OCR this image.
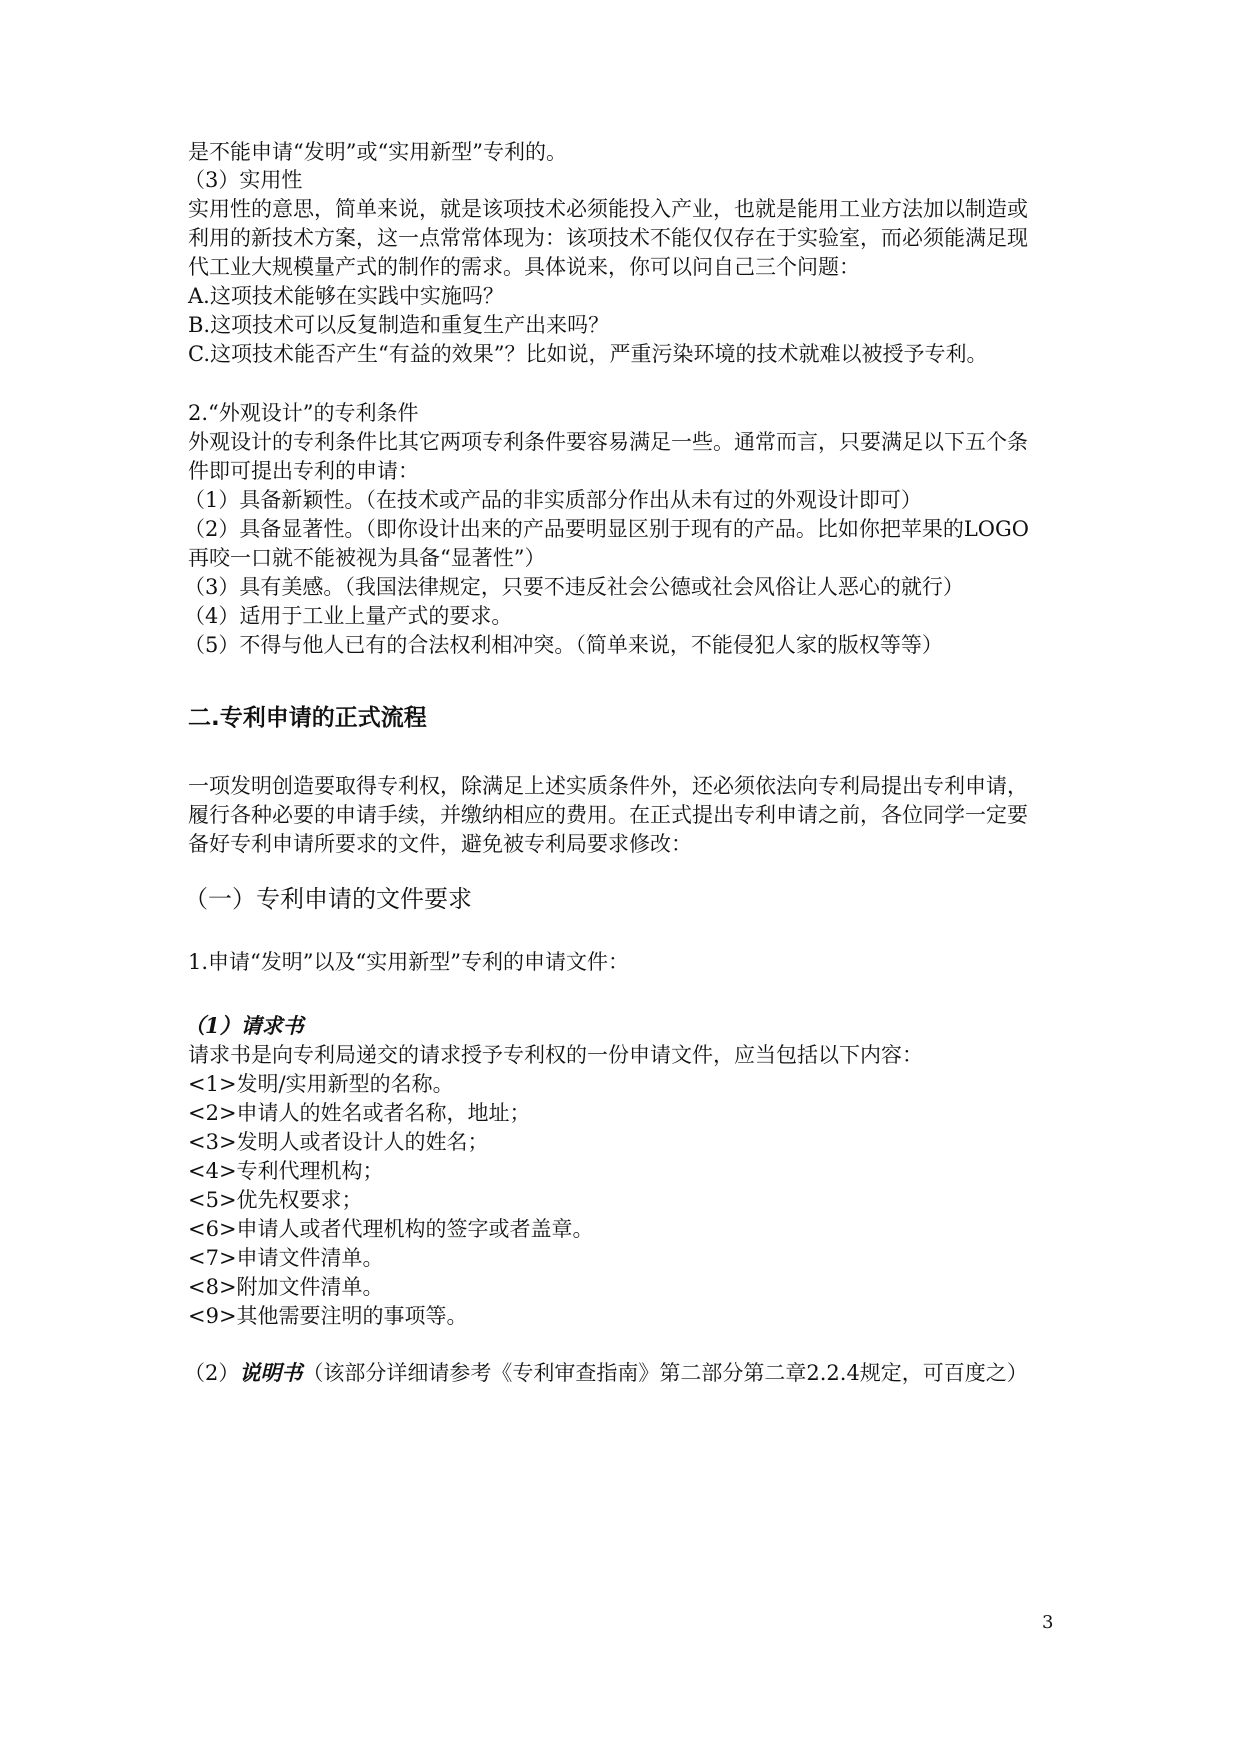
是不能申请“发明”或“实用新型”专利的。
（3）实用性
实用性的意思，简单来说，就是该项技术必须能投入产业，也就是能用工业方法加以制造或
利用的新技术方案，这一点常常体现为：该项技术不能仅仅存在于实验室，而必须能满足现
代工业大规模量产式的制作的需求。具体说来，你可以问自己三个问题：
A.这项技术能够在实践中实施吗？
B.这项技术可以反复制造和重复生产出来吗？
C.这项技术能否产生“有益的效果”？比如说，严重污染环境的技术就难以被授予专利。
2.“外观设计”的专利条件
外观设计的专利条件比其它两项专利条件要容易满足一些。通常而言，只要满足以下五个条
件即可提出专利的申请：
（1）具备新颖性。（在技术或产品的非实质部分作出从未有过的外观设计即可）
（2）具备显著性。（即你设计出来的产品要明显区别于现有的产品。比如你把苹果的LOGO
再咬一口就不能被视为具备“显著性”）
（3）具有美感。（我国法律规定，只要不违反社会公德或社会风俗让人恶心的就行）
（4）适用于工业上量产式的要求。
（5）不得与他人已有的合法权利相冲突。（简单来说，不能侵犯人家的版权等等）
二.专利申请的正式流程
一项发明创造要取得专利权，除满足上述实质条件外，还必须依法向专利局提出专利申请，
履行各种必要的申请手续，并缴纳相应的费用。在正式提出专利申请之前，各位同学一定要
备好专利申请所要求的文件，避免被专利局要求修改：
（一）专利申请的文件要求
1.申请“发明”以及“实用新型”专利的申请文件：
（1）请求书
请求书是向专利局递交的请求授予专利权的一份申请文件，应当包括以下内容：
<1>发明/实用新型的名称。
<2>申请人的姓名或者名称，地址；
<3>发明人或者设计人的姓名；
<4>专利代理机构；
<5>优先权要求；
<6>申请人或者代理机构的签字或者盖章。
<7>申请文件清单。
<8>附加文件清单。
<9>其他需要注明的事项等。
（2）说明书（该部分详细请参考《专利审查指南》第二部分第二章2.2.4规定，可百度之）
3
